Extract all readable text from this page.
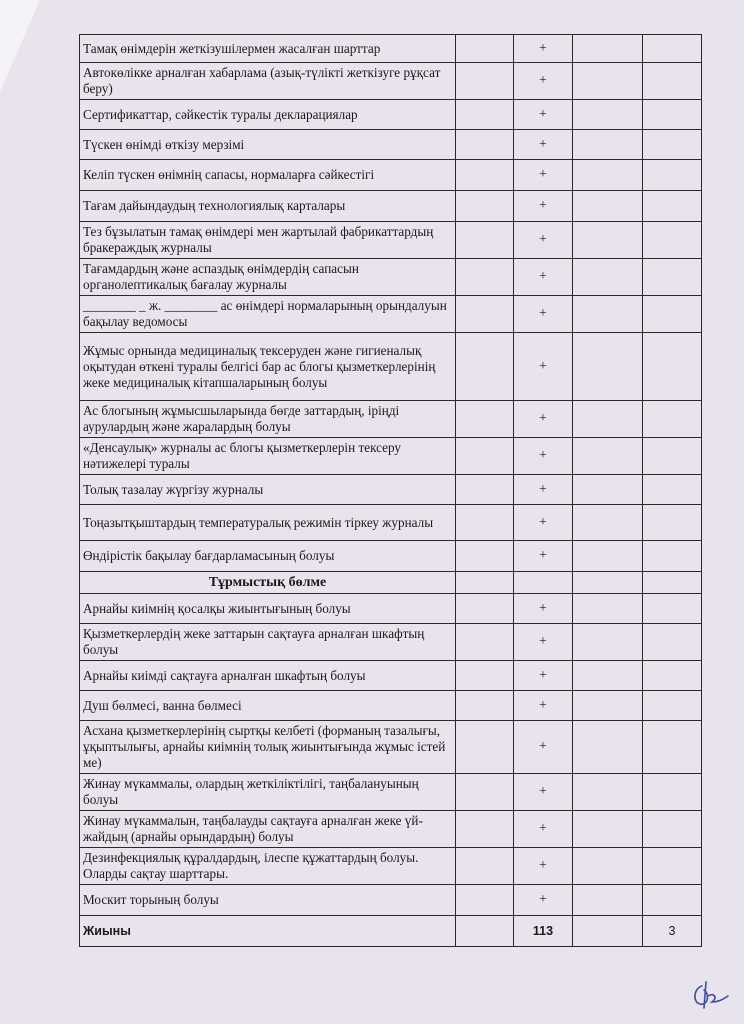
Тамақ өнімдерін жеткізушілермен жасалған шарттар		+		
Автокөлікке арналған хабарлама (азық-түлікті жеткізуге рұқсат беру)		+		
Сертификаттар, сәйкестік туралы декларациялар		+		
Түскен өнімді өткізу мерзімі		+		
Келіп түскен өнімнің сапасы, нормаларға сәйкестігі		+		
Тағам дайындаудың технологиялық карталары		+		
Тез бұзылатын тамақ өнімдері мен жартылай фабрикаттардың бракераждық журналы		+		
Тағамдардың және аспаздық өнімдердің сапасын органолептикалық бағалау журналы		+		
________ _ ж. ________ ас өнімдері нормаларының орындалуын бақылау ведомосы		+		
Жұмыс орнында медициналық тексеруден және гигиеналық оқытудан өткені туралы белгісі бар ас блогы қызметкерлерінің жеке медициналық кітапшаларының болуы		+		
Ас блогының жұмысшыларында бөгде заттардың, іріңді аурулардың және жаралардың болуы		+		
«Денсаулық» журналы ас блогы қызметкерлерін тексеру нәтижелері туралы		+		
Толық тазалау жүргізу журналы		+		
Тоңазытқыштардың температуралық режимін тіркеу журналы		+		
Өндірістік бақылау бағдарламасының болуы		+		
Тұрмыстық бөлме				
Арнайы киімнің қосалқы жиынтығының болуы		+		
Қызметкерлердің жеке заттарын сақтауға арналған шкафтың болуы		+		
Арнайы киімді сақтауға арналған шкафтың болуы		+		
Душ бөлмесі, ванна бөлмесі		+		
Асхана қызметкерлерінің сыртқы келбеті (форманың тазалығы, ұқыптылығы, арнайы киімнің толық жиынтығында жұмыс істей ме)		+		
Жинау мүкаммалы, олардың жеткіліктілігі, таңбалануының болуы		+		
Жинау мүкаммалын, таңбалауды сақтауға арналған жеке үй-жайдың (арнайы орындардың) болуы		+		
Дезинфекциялық құралдардың, ілеспе құжаттардың болуы. Оларды сақтау шарттары.		+		
Москит торының болуы		+		
Жиыны		113		3
